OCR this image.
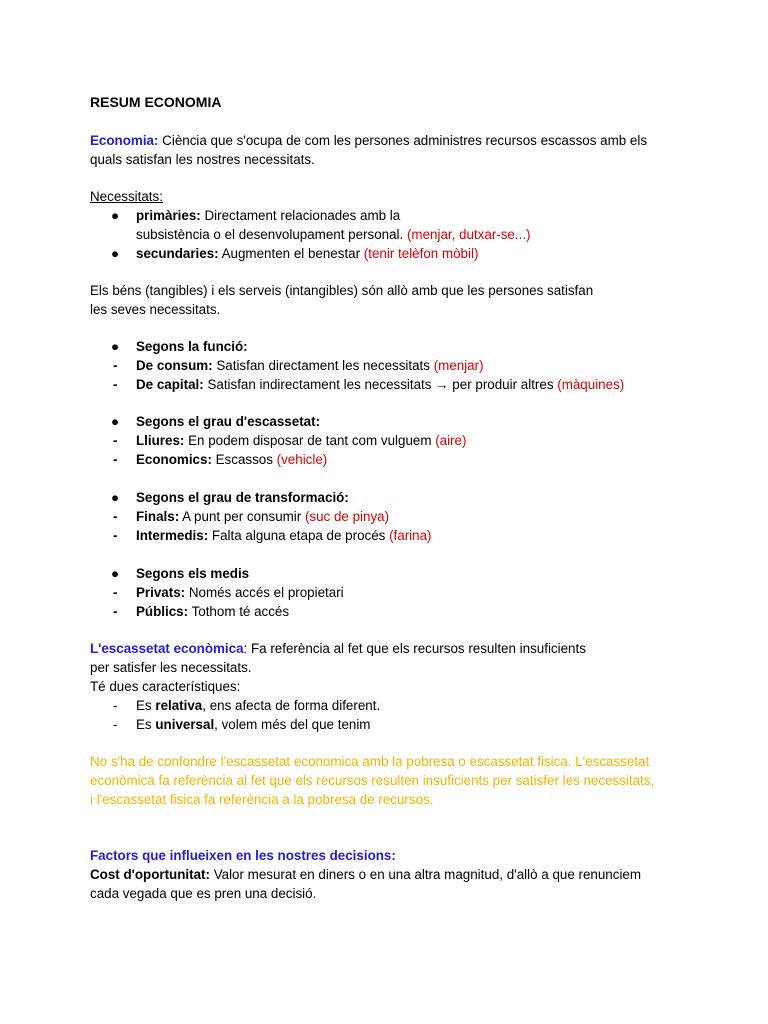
RESUM ECONOMIA
Economia: Ciència que s'ocupa de com les persones administres recursos escassos amb els
quals satisfan les nostres necessitats.
Necessitats:
●	primàries: Directament relacionades amb la
subsistència o el desenvolupament personal. (menjar, dutxar-se...)
●	secundaries: Augmenten el benestar (tenir telèfon mòbil)
Els béns (tangibles) i els serveis (intangibles) són allò amb que les persones satisfan
les seves necessitats.
●	Segons la funció:
-	De consum: Satisfan directament les necessitats (menjar)
-	De capital: Satisfan indirectament les necessitats → per produir altres (màquines)
●	Segons el grau d'escassetat:
-	Lliures: En podem disposar de tant com vulguem (aire)
-	Economics: Escassos (vehicle)
●	Segons el grau de transformació:
-	Finals: A punt per consumir (suc de pinya)
-	Intermedis: Falta alguna etapa de procés (farina)
●	Segons els medis
-	Privats: Només accés el propietari
-	Públics: Tothom té accés
L'escassetat econòmica: Fa referència al fet que els recursos resulten insuficients
per satisfer les necessitats.
Té dues característiques:
-	Es relativa, ens afecta de forma diferent.
-	Es universal, volem més del que tenim
No s'ha de confondre l'escassetat economica amb la pobresa o escassetat fisica. L'escassetat
econòmica fa referència al fet que els recursos resulten insuficients per satisfer les necessitats,
i l'escassetat fisica fa referència a la pobresa de recursos.
Factors que influeixen en les nostres decisions:
Cost d'oportunitat: Valor mesurat en diners o en una altra magnitud, d'allò a que renunciem
cada vegada que es pren una decisió.
